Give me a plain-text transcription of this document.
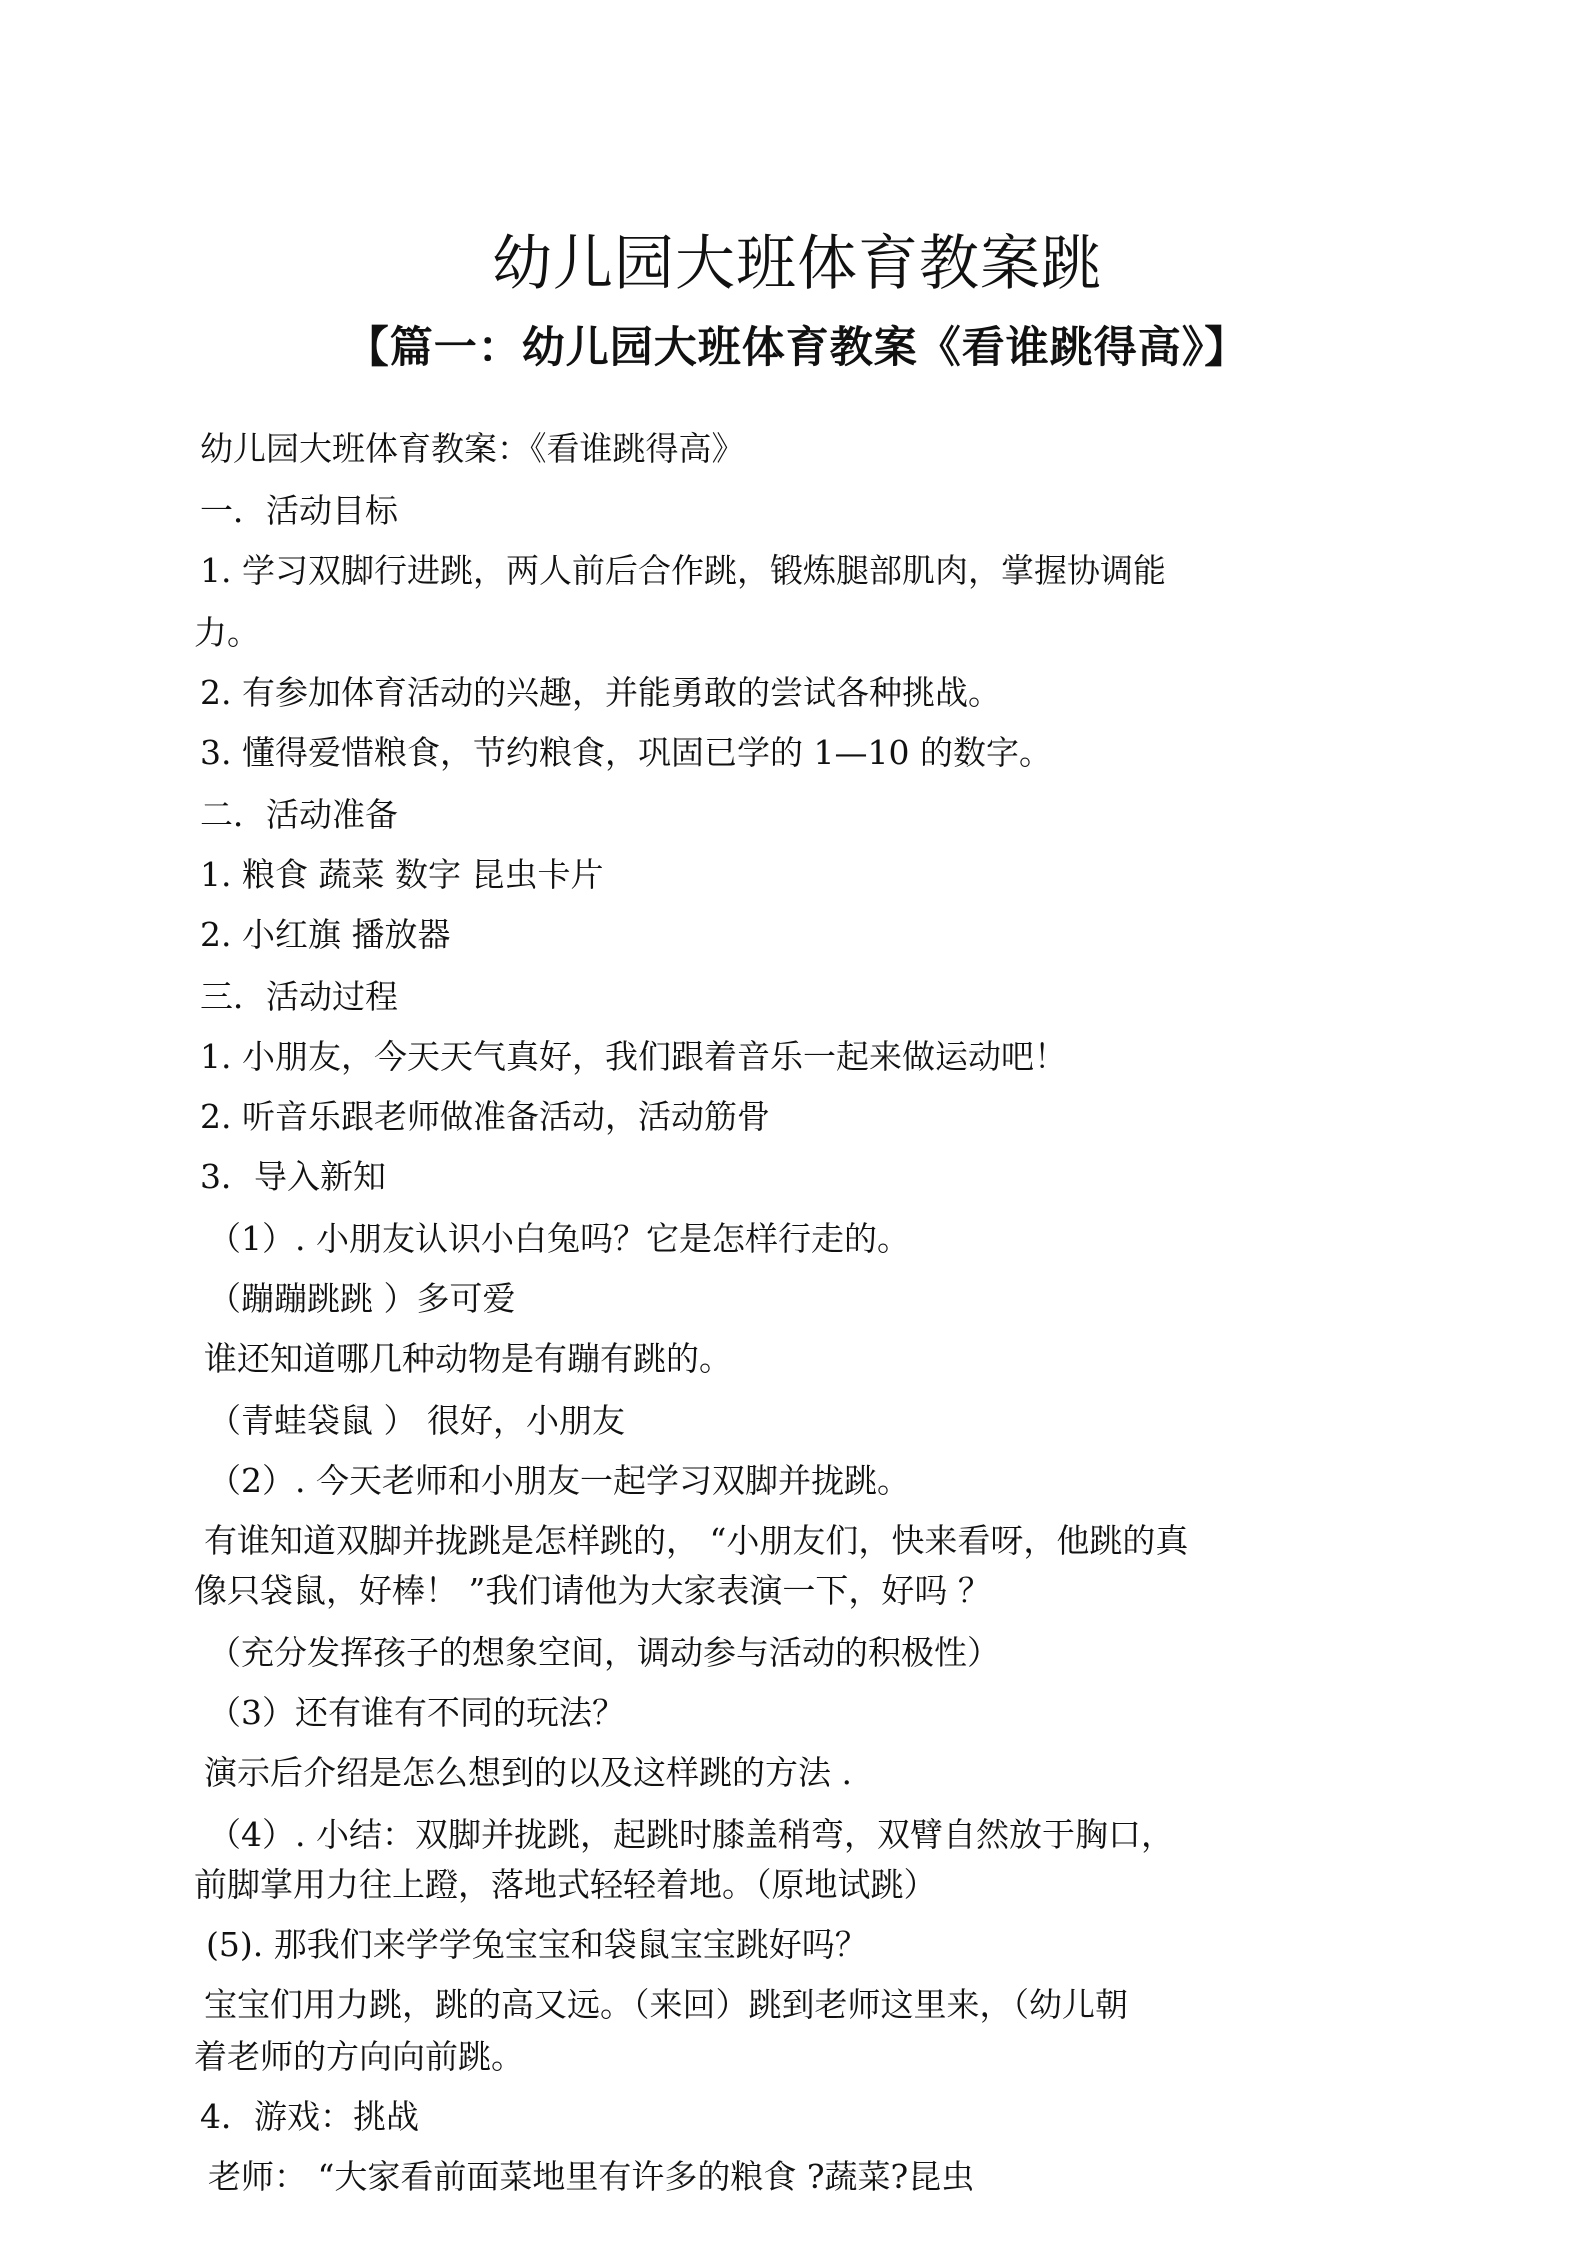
幼儿园大班体育教案跳
【篇一：幼儿园大班体育教案《看谁跳得高》】

幼儿园大班体育教案：《看谁跳得高》

一．活动目标

1. 学习双脚行进跳，两人前后合作跳，锻炼腿部肌肉，掌握协调能

力。

2. 有参加体育活动的兴趣，并能勇敢的尝试各种挑战。

3. 懂得爱惜粮食，节约粮食，巩固已学的 1—10 的数字。

二．活动准备

1. 粮食 蔬菜 数字 昆虫卡片

2. 小红旗 播放器

三．活动过程

1. 小朋友，今天天气真好，我们跟着音乐一起来做运动吧！

2. 听音乐跟老师做准备活动，活动筋骨

3．导入新知

（1）. 小朋友认识小白兔吗？它是怎样行走的。

（蹦蹦跳跳 ）多可爱

谁还知道哪几种动物是有蹦有跳的。

（青蛙袋鼠 ） 很好，小朋友

（2）. 今天老师和小朋友一起学习双脚并拢跳。

有谁知道双脚并拢跳是怎样跳的， “小朋友们，快来看呀，他跳的真

像只袋鼠，好棒！ ”我们请他为大家表演一下，好吗 ？

（充分发挥孩子的想象空间，调动参与活动的积极性）

（3）还有谁有不同的玩法？

演示后介绍是怎么想到的以及这样跳的方法 .

（4）. 小结：双脚并拢跳，起跳时膝盖稍弯，双臂自然放于胸口，

前脚掌用力往上蹬，落地式轻轻着地。（原地试跳）

(5). 那我们来学学兔宝宝和袋鼠宝宝跳好吗？

宝宝们用力跳，跳的高又远。（来回）跳到老师这里来，（幼儿朝

着老师的方向向前跳。

4．游戏：挑战

老师： “大家看前面菜地里有许多的粮食 ?蔬菜?昆虫
